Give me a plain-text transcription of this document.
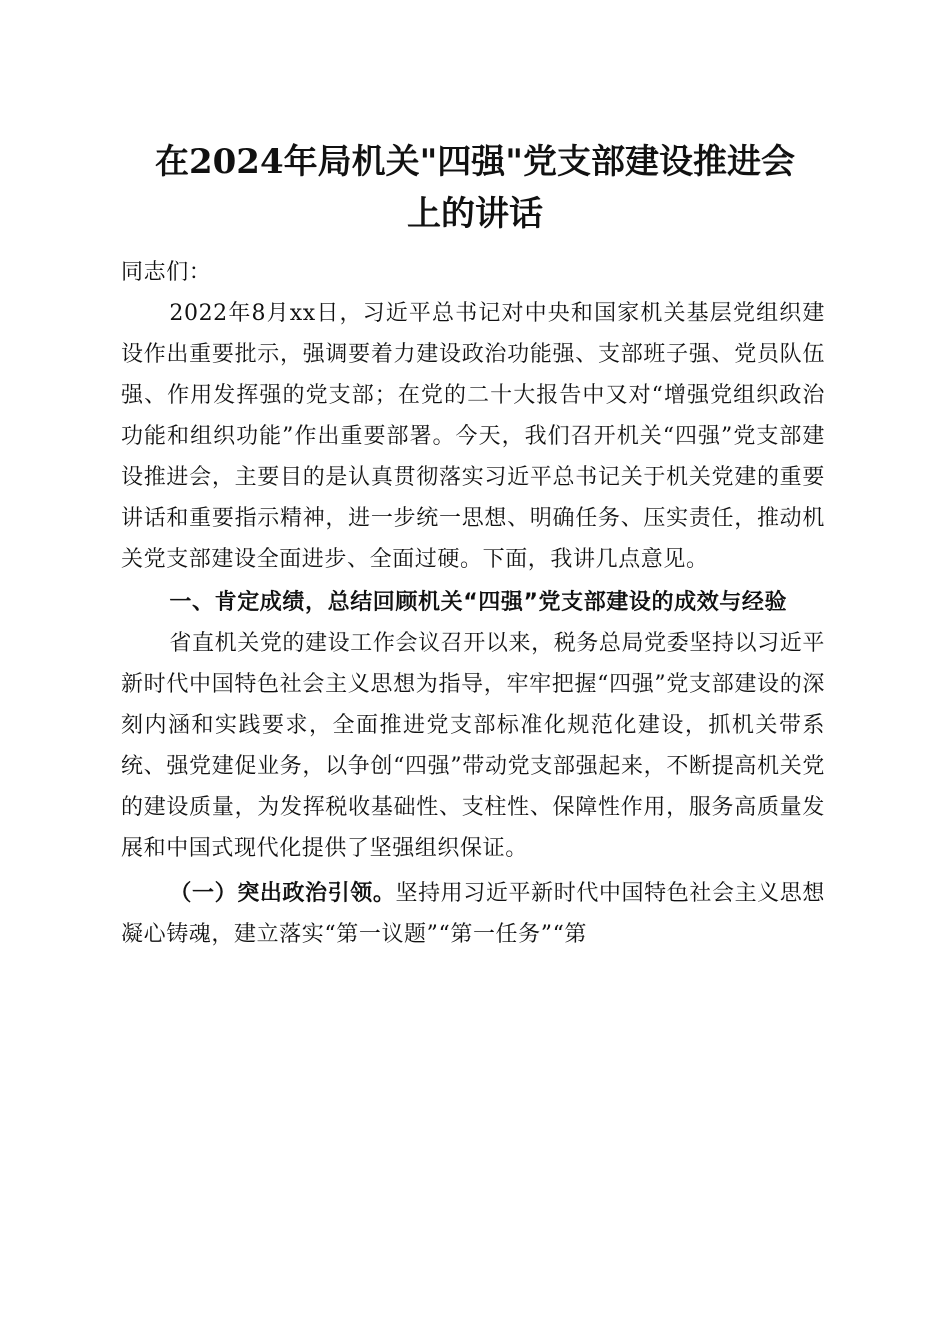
在2024年局机关"四强"党支部建设推进会
上的讲话

同志们：

2022年8月xx日，习近平总书记对中央和国家机关基层党组织建设作出重要批示，强调要着力建设政治功能强、支部班子强、党员队伍强、作用发挥强的党支部；在党的二十大报告中又对“增强党组织政治功能和组织功能”作出重要部署。今天，我们召开机关“四强”党支部建设推进会，主要目的是认真贯彻落实习近平总书记关于机关党建的重要讲话和重要指示精神，进一步统一思想、明确任务、压实责任，推动机关党支部建设全面进步、全面过硬。下面，我讲几点意见。

一、肯定成绩，总结回顾机关“四强”党支部建设的成效与经验

省直机关党的建设工作会议召开以来，税务总局党委坚持以习近平新时代中国特色社会主义思想为指导，牢牢把握“四强”党支部建设的深刻内涵和实践要求，全面推进党支部标准化规范化建设，抓机关带系统、强党建促业务，以争创“四强”带动党支部强起来，不断提高机关党的建设质量，为发挥税收基础性、支柱性、保障性作用，服务高质量发展和中国式现代化提供了坚强组织保证。

（一）突出政治引领。坚持用习近平新时代中国特色社会主义思想凝心铸魂，建立落实“第一议题”“第一任务”“第
